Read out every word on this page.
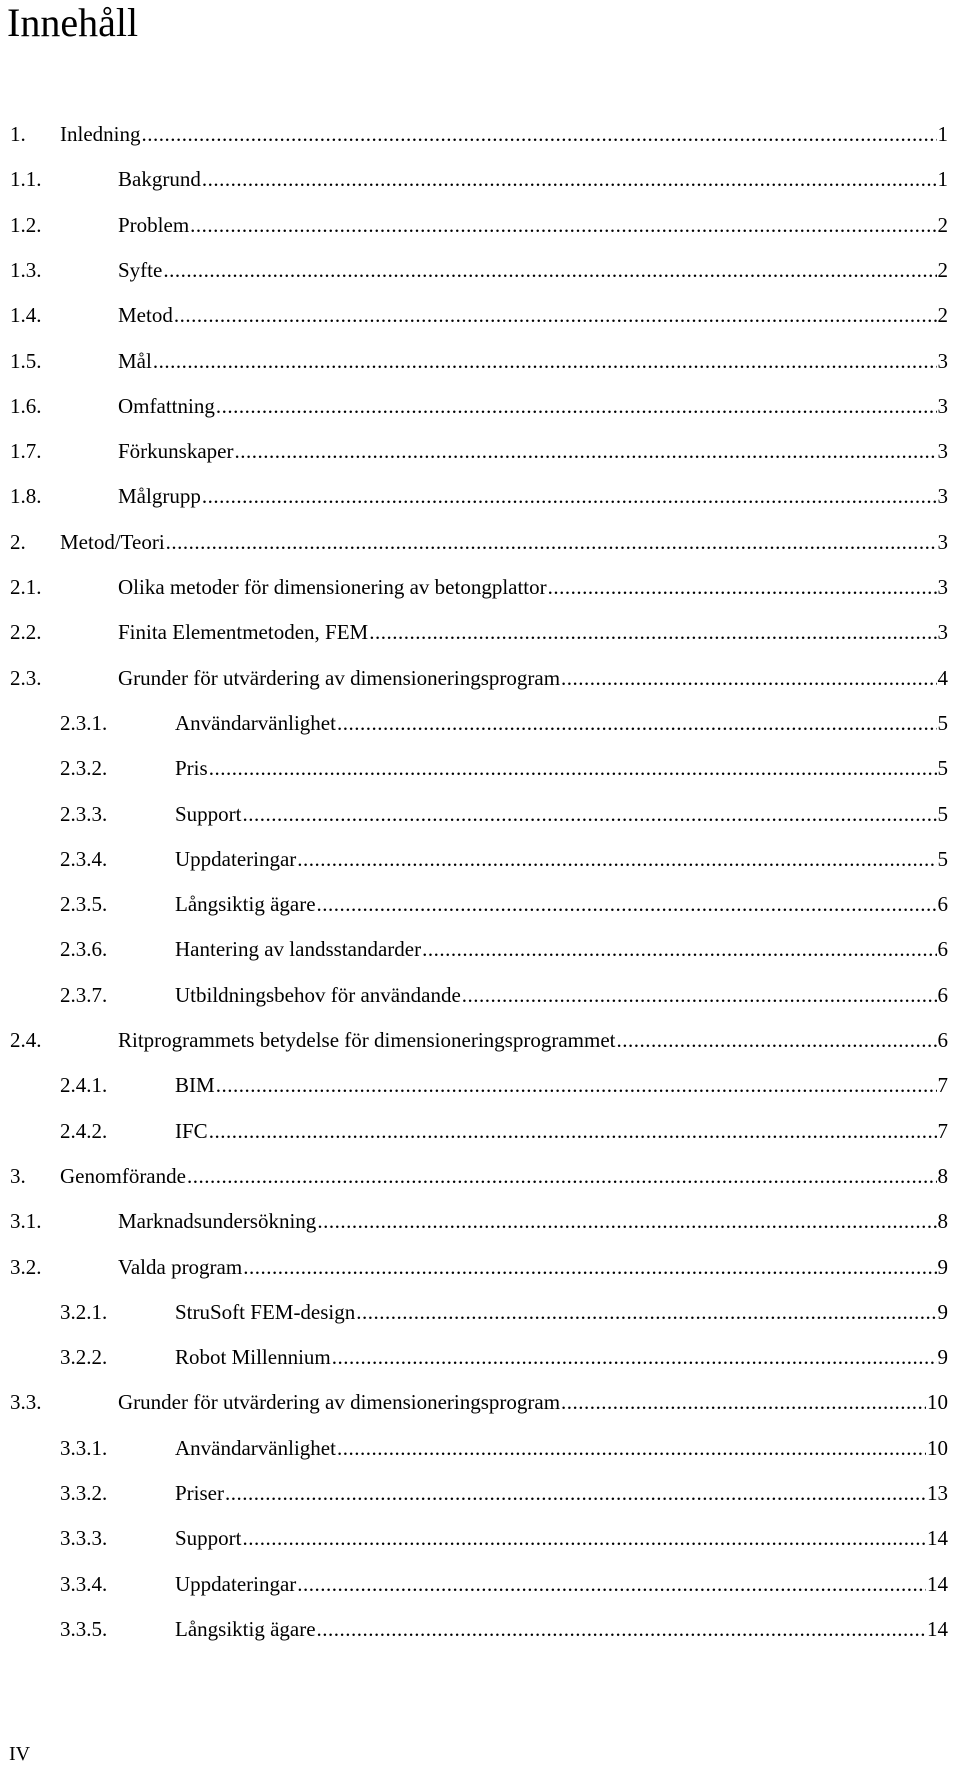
Innehåll
1. Inledning .....	1
1.1.	Bakgrund .....	1
1.2.	Problem .....	2
1.3.	Syfte .....	2
1.4.	Metod .....	2
1.5.	Mål .....	3
1.6.	Omfattning .....	3
1.7.	Förkunskaper .....	3
1.8.	Målgrupp .....	3
2. Metod/Teori .....	3
2.1.	Olika metoder för dimensionering av betongplattor .....	3
2.2.	Finita Elementmetoden, FEM .....	3
2.3.	Grunder för utvärdering av dimensioneringsprogram .....	4
2.3.1.	Användarvänlighet .....	5
2.3.2.	Pris .....	5
2.3.3.	Support .....	5
2.3.4.	Uppdateringar .....	5
2.3.5.	Långsiktig ägare .....	6
2.3.6.	Hantering av landsstandarder .....	6
2.3.7.	Utbildningsbehov för användande .....	6
2.4.	Ritprogrammets betydelse för dimensioneringsprogrammet .....	6
2.4.1.	BIM .....	7
2.4.2.	IFC .....	7
3. Genomförande .....	8
3.1.	Marknadsundersökning .....	8
3.2.	Valda program .....	9
3.2.1.	StruSoft FEM-design .....	9
3.2.2.	Robot Millennium .....	9
3.3.	Grunder för utvärdering av dimensioneringsprogram .....	10
3.3.1.	Användarvänlighet .....	10
3.3.2.	Priser .....	13
3.3.3.	Support .....	14
3.3.4.	Uppdateringar .....	14
3.3.5.	Långsiktig ägare .....	14
IV
